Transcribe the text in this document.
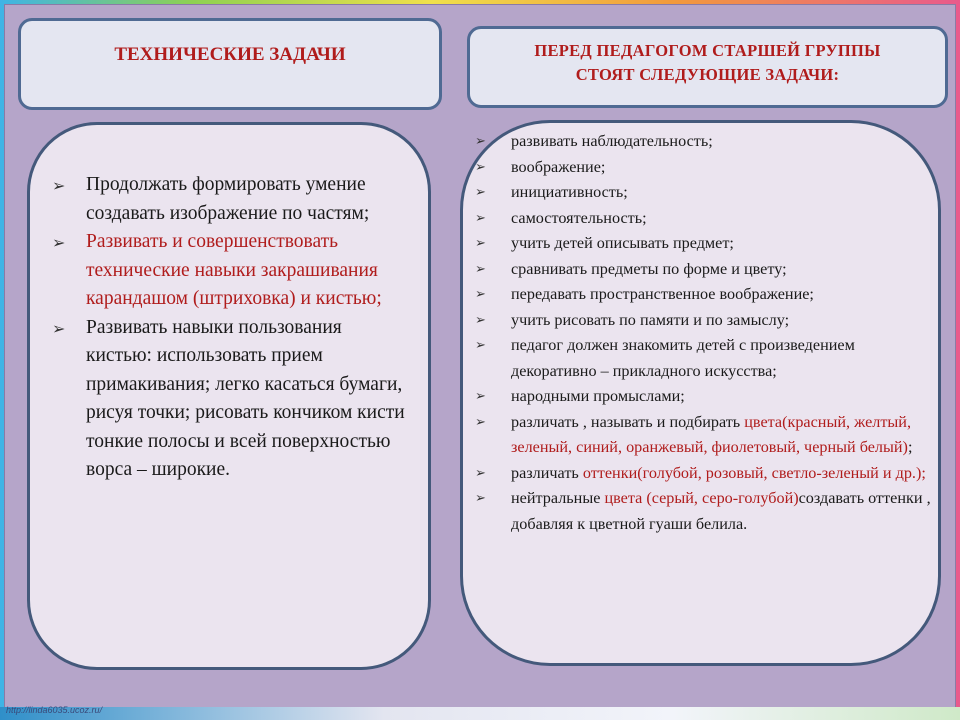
http://linda6035.ucoz.ru/
ТЕХНИЧЕСКИЕ ЗАДАЧИ	ПЕРЕД ПЕДАГОГОМ СТАРШЕЙ ГРУППЫ
СТОЯТ СЛЕДУЮЩИЕ ЗАДАЧИ:
➢ Продолжать формировать умение создавать изображение по частям;
➢ Развивать и совершенствовать технические навыки закрашивания карандашом (штриховка) и кистью;
➢ Развивать навыки пользования кистью: использовать прием примакивания; легко касаться бумаги, рисуя точки; рисовать кончиком кисти тонкие полосы и всей поверхностью ворса – широкие.
➢ развивать наблюдательность;
➢ воображение;
➢ инициативность;
➢ самостоятельность;
➢ учить детей описывать предмет;
➢ сравнивать предметы по форме и цвету;
➢ передавать пространственное воображение;
➢ учить рисовать по памяти и по замыслу;
➢ педагог должен знакомить детей с произведением декоративно – прикладного искусства;
➢ народными промыслами;
➢ различать , называть и подбирать цвета(красный, желтый, зеленый, синий, оранжевый, фиолетовый, черный белый);
➢ различать оттенки(голубой, розовый, светло-зеленый и др.);
➢ нейтральные цвета (серый, серо-голубой)создавать оттенки , добавляя к цветной гуаши белила.
